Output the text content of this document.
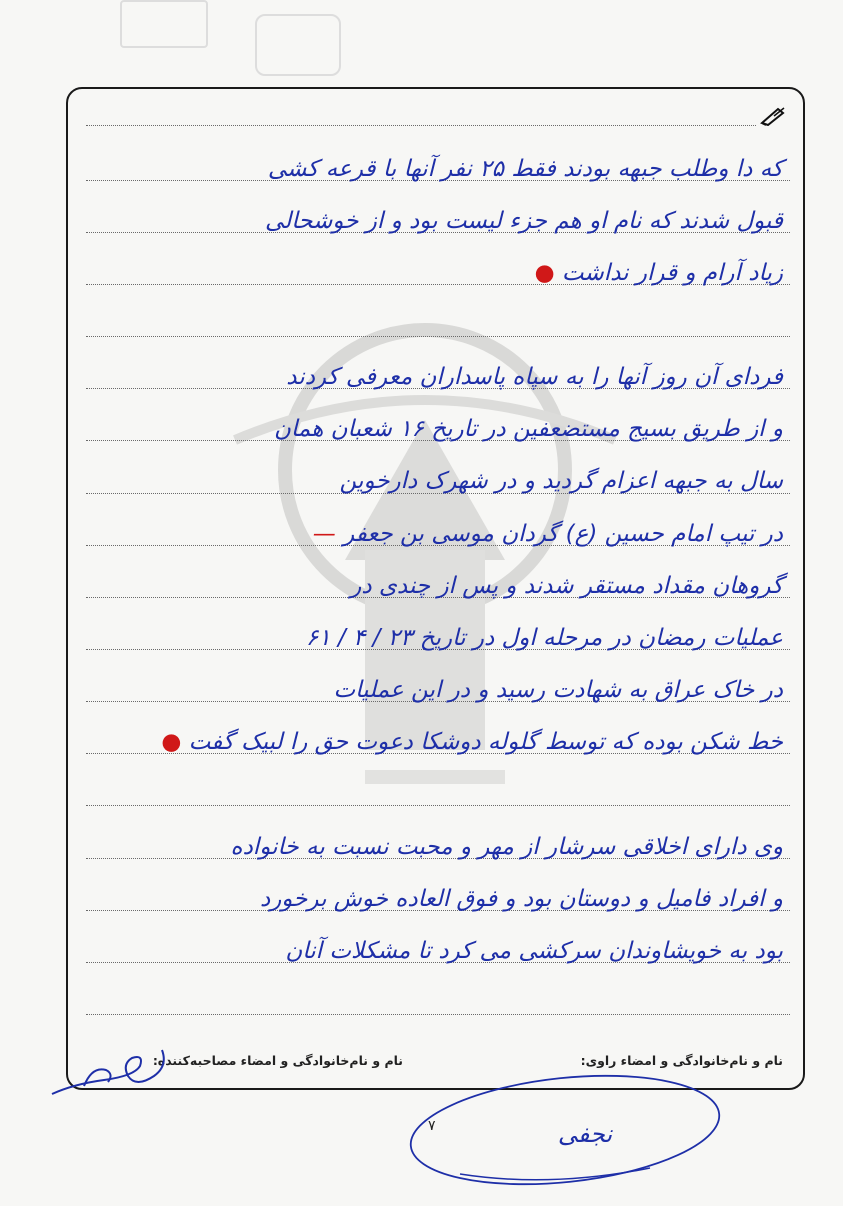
که دا وطلب جبهه بودند فقط ۲۵ نفر آنها با قرعه کشی
قبول شدند که نام او هم جزء لیست بود و از خوشحالی
زیاد آرام و قرار نداشت ●
فردای آن روز آنها را به سپاه پاسداران معرفی کردند
و از طریق بسیج مستضعفین در تاریخ ۱۶ شعبان همان
سال به جبهه اعزام گردید و در شهرک دارخوین
در تیپ امام حسین (ع) گردان موسی بن جعفر —
گروهان مقداد مستقر شدند و پس از چندی در
عملیات رمضان در مرحله اول در تاریخ ۲۳ / ۴ / ۶۱
در خاک عراق به شهادت رسید و در این عملیات
خط شکن بوده که توسط گلوله دوشکا دعوت حق را لبیک گفت ●
وی دارای اخلاقی سرشار از مهر و محبت نسبت به خانواده
و افراد فامیل و دوستان بود و فوق العاده خوش برخورد
بود به خویشاوندان سرکشی می کرد تا مشکلات آنان
نام و نام‌خانوادگی و امضاء راوی:
نام و نام‌خانوادگی و امضاء مصاحبه‌کننده:
نجفی
۷
